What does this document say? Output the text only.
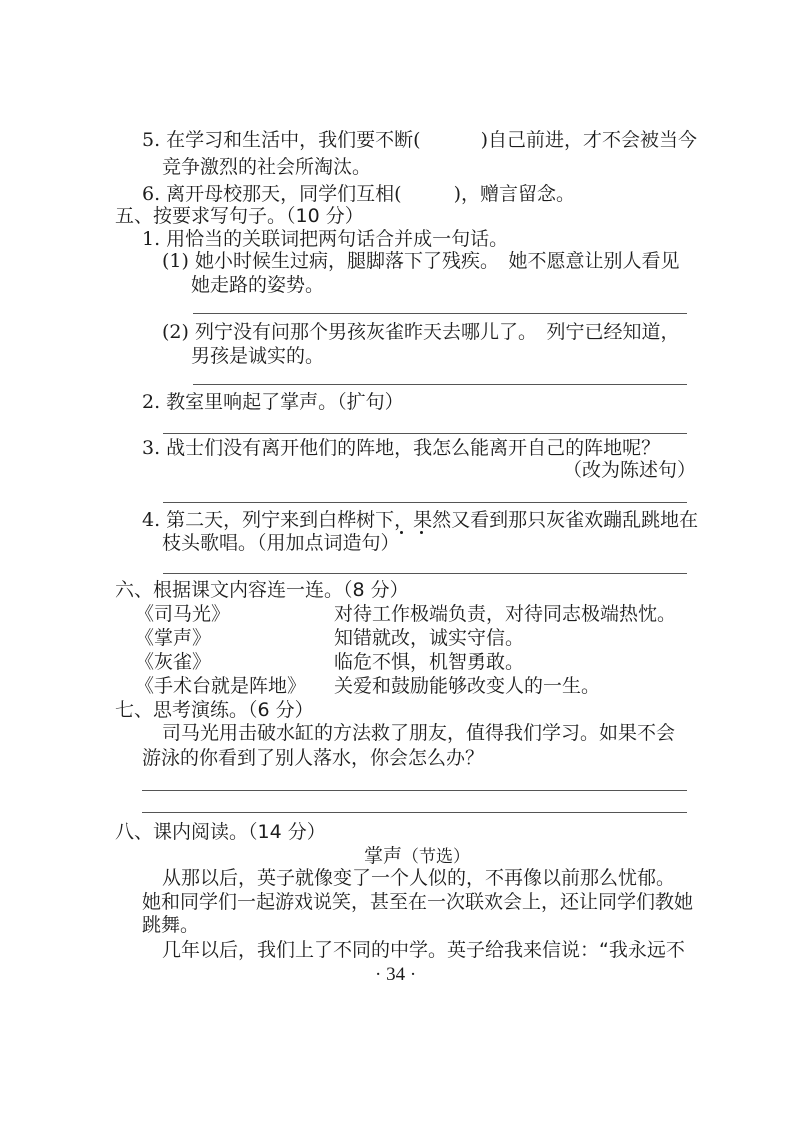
5. 在学习和生活中，我们要不断(	)自己前进，才不会被当今
竞争激烈的社会所淘汰。
6. 离开母校那天，同学们互相(	)，赠言留念。
五、按要求写句子。（10 分）
1. 用恰当的关联词把两句话合并成一句话。
(1) 她小时候生过病，腿脚落下了残疾。　她不愿意让别人看见
她走路的姿势。
(2) 列宁没有问那个男孩灰雀昨天去哪儿了。　列宁已经知道，
男孩是诚实的。
2. 教室里响起了掌声。（扩句）
3. 战士们没有离开他们的阵地，我怎么能离开自己的阵地呢？
（改为陈述句）
4. 第二天，列宁来到白桦树下，果然又看到那只灰雀欢蹦乱跳地在
枝头歌唱。（用加点词造句）
六、根据课文内容连一连。（8 分）
《司马光》
《掌声》
《灰雀》
《手术台就是阵地》
对待工作极端负责，对待同志极端热忱。
知错就改，诚实守信。
临危不惧，机智勇敢。
关爱和鼓励能够改变人的一生。
七、思考演练。（6 分）
司马光用击破水缸的方法救了朋友，值得我们学习。如果不会
游泳的你看到了别人落水，你会怎么办？
八、课内阅读。（14 分）
掌声（节选）
从那以后，英子就像变了一个人似的，不再像以前那么忧郁。
她和同学们一起游戏说笑，甚至在一次联欢会上，还让同学们教她
跳舞。
几年以后，我们上了不同的中学。英子给我来信说：“我永远不
· 34 ·
